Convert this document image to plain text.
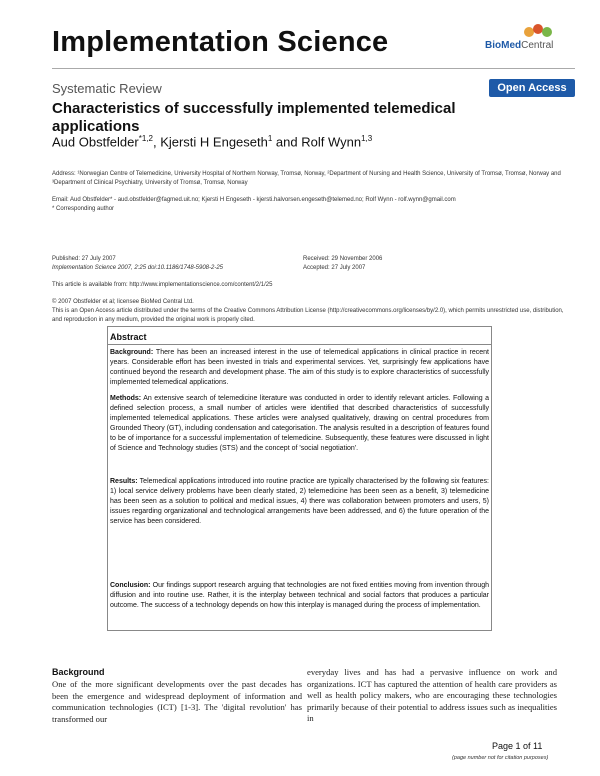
Implementation Science	BioMedCentral
Systematic Review	Open Access
Characteristics of successfully implemented telemedical applications
Aud Obstfelder$^{*1,2}$, Kjersti H Engeseth$^1$ and Rolf Wynn$^{1,3}$
Address: ¹Norwegian Centre of Telemedicine, University Hospital of Northern Norway, Tromsø, Norway, ²Department of Nursing and Health Science, University of Tromsø, Tromsø, Norway and ³Department of Clinical Psychiatry, University of Tromsø, Tromsø, Norway
Email: Aud Obstfelder* - aud.obstfelder@fagmed.uit.no; Kjersti H Engeseth - kjersti.halvorsen.engeseth@telemed.no; Rolf Wynn - rolf.wynn@gmail.com
* Corresponding author
Published: 27 July 2007
Implementation Science 2007, 2:25 doi:10.1186/1748-5908-2-25
Received: 29 November 2006
Accepted: 27 July 2007
This article is available from: http://www.implementationscience.com/content/2/1/25
© 2007 Obstfelder et al; licensee BioMed Central Ltd.
This is an Open Access article distributed under the terms of the Creative Commons Attribution License (http://creativecommons.org/licenses/by/2.0), which permits unrestricted use, distribution, and reproduction in any medium, provided the original work is properly cited.
Abstract
Background: There has been an increased interest in the use of telemedical applications in clinical practice in recent years. Considerable effort has been invested in trials and experimental services. Yet, surprisingly few applications have continued beyond the research and development phase. The aim of this study is to explore characteristics of successfully implemented telemedical applications.
Methods: An extensive search of telemedicine literature was conducted in order to identify relevant articles. Following a defined selection process, a small number of articles were identified that described characteristics of successfully implemented telemedical applications. These articles were analysed qualitatively, drawing on central procedures from Grounded Theory (GT), including condensation and categorisation. The analysis resulted in a description of features found to be of importance for a successful implementation of telemedicine. Subsequently, these features were discussed in light of Science and Technology studies (STS) and the concept of 'social negotiation'.
Results: Telemedical applications introduced into routine practice are typically characterised by the following six features: 1) local service delivery problems have been clearly stated, 2) telemedicine has been seen as a benefit, 3) telemedicine has been seen as a solution to political and medical issues, 4) there was collaboration between promoters and users, 5) issues regarding organizational and technological arrangements have been addressed, and 6) the future operation of the service has been considered.
Conclusion: Our findings support research arguing that technologies are not fixed entities moving from invention through diffusion and into routine use. Rather, it is the interplay between technical and social factors that produces a particular outcome. The success of a technology depends on how this interplay is managed during the process of implementation.
Background
One of the more significant developments over the past decades has been the emergence and widespread deployment of information and communication technologies (ICT) [1-3]. The 'digital revolution' has transformed our
everyday lives and has had a pervasive influence on work and organizations. ICT has captured the attention of health care providers as well as health policy makers, who are encouraging these technologies primarily because of their potential to address issues such as inequalities in
Page 1 of 11
(page number not for citation purposes)
